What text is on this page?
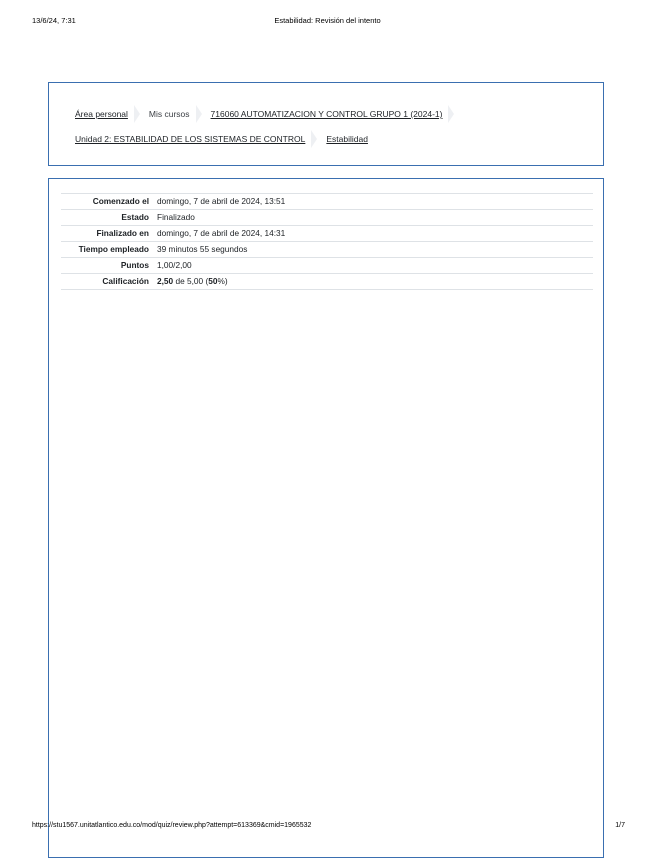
13/6/24, 7:31	Estabilidad: Revisión del intento
Área personal Mis cursos 716060 AUTOMATIZACION Y CONTROL GRUPO 1 (2024-1)
Unidad 2: ESTABILIDAD DE LOS SISTEMAS DE CONTROL Estabilidad
Comenzado el	domingo, 7 de abril de 2024, 13:51
Estado	Finalizado
Finalizado en	domingo, 7 de abril de 2024, 14:31
Tiempo empleado	39 minutos 55 segundos
Puntos	1,00/2,00
Calificación	2,50 de 5,00 (50%)
https://stu1567.unitatlantico.edu.co/mod/quiz/review.php?attempt=613369&cmid=1965532	1/7
